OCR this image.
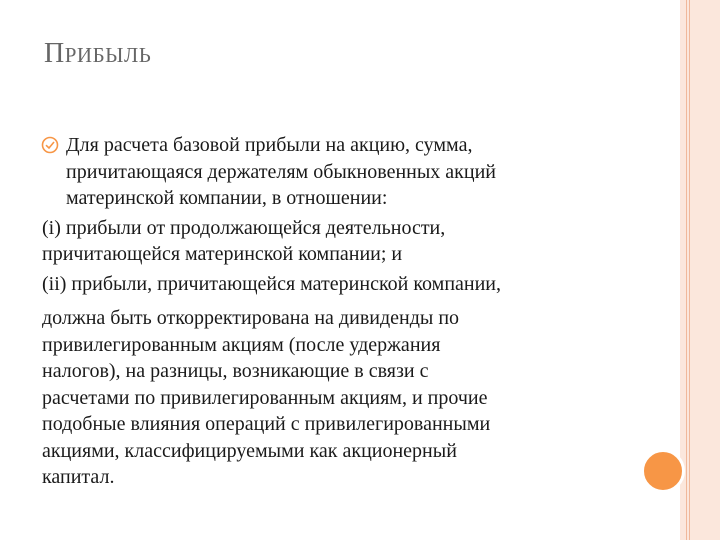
ПРИБЫЛЬ
Для расчета базовой прибыли на акцию, сумма,
причитающаяся держателям обыкновенных акций
материнской компании, в отношении:
(i) прибыли от продолжающейся деятельности,
причитающейся материнской компании; и
(ii) прибыли, причитающейся материнской компании,
должна быть откорректирована на дивиденды по
привилегированным акциям (после удержания
налогов), на разницы, возникающие в связи с
расчетами по привилегированным акциям, и прочие
подобные влияния операций с привилегированными
акциями, классифицируемыми как акционерный
капитал.
